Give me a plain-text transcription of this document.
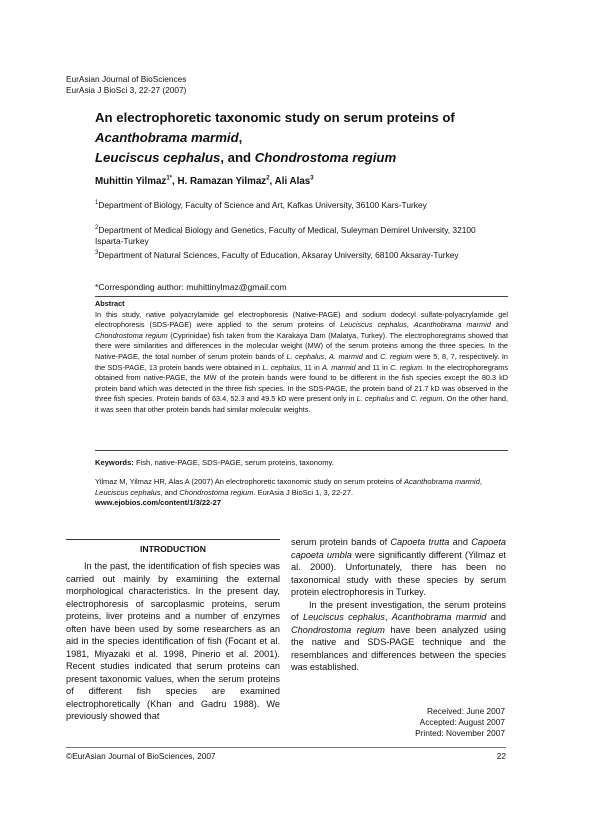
EurAsian Journal of BioSciences
EurAsia J BioSci 3, 22-27 (2007)
An electrophoretic taxonomic study on serum proteins of Acanthobrama marmid,
Leuciscus cephalus, and Chondrostoma regium
Muhittin Yilmaz$^{1*}$, H. Ramazan Yilmaz$^2$, Ali Alas$^3$
$^1$Department of Biology, Faculty of Science and Art, Kafkas University, 36100 Kars-Turkey
$^2$Department of Medical Biology and Genetics, Faculty of Medical, Suleyman Demirel University, 32100 Isparta-Turkey
$^3$Department of Natural Sciences, Faculty of Education, Aksaray University, 68100 Aksaray-Turkey
*Corresponding author: muhittinylmaz@gmail.com
Abstract
In this study, native polyacrylamide gel electrophoresis (Native-PAGE) and sodium dodecyl sulfate-polyacrylamide gel electrophoresis (SDS-PAGE) were applied to the serum proteins of Leuciscus cephalus, Acanthobrama marmid and Chondrostoma regium (Cyprinidae) fish taken from the Karakaya Dam (Malatya, Turkey). The electrophoregrams showed that there were similarities and differences in the molecular weight (MW) of the serum proteins among the three species. In the Native-PAGE, the total number of serum protein bands of L. cephalus, A. marmid and C. regium were 5, 8, 7, respectively. In the SDS-PAGE, 13 protein bands were obtained in L. cephalus, 11 in A. marmid and 11 in C. regium. In the electrophoregrams obtained from native-PAGE, the MW of the protein bands were found to be different in the fish species except the 80.3 kD protein band which was detected in the three fish species. In the SDS-PAGE, the protein band of 21.7 kD was observed in the three fish species. Protein bands of 63.4, 52.3 and 49.5 kD were present only in L. cephalus and C. regium. On the other hand, it was seen that other protein bands had similar molecular weights.
Keywords: Fish, native-PAGE, SDS-PAGE, serum proteins, taxonomy.
Yilmaz M, Yilmaz HR, Alas A (2007) An electrophoretic taxonomic study on serum proteins of Acanthobrama marmid, Leuciscus cephalus, and Chondrostoma regium. EurAsia J BioSci 1, 3, 22-27.
www.ejobios.com/content/1/3/22-27
INTRODUCTION
In the past, the identification of fish species was carried out mainly by examining the external morphological characteristics. In the present day, electrophoresis of sarcoplasmic proteins, serum proteins, liver proteins and a number of enzymes often have been used by some researchers as an aid in the species identification of fish (Focant et al. 1981, Miyazaki et al. 1998, Pinerio et al. 2001). Recent studies indicated that serum proteins can present taxonomic values, when the serum proteins of different fish species are examined electrophoretically (Khan and Gadru 1988). We previously showed that

serum protein bands of Capoeta trutta and Capoeta capoeta umbla were significantly different (Yilmaz et al. 2000). Unfortunately, there has been no taxonomical study with these species by serum protein electrophoresis in Turkey.

In the present investigation, the serum proteins of Leuciscus cephalus, Acanthobrama marmid and Chondrostoma regium have been analyzed using the native and SDS-PAGE technique and the resemblances and differences between the species was established.

Received: June 2007
Accepted: August 2007
Printed: November 2007
©EurAsian Journal of BioSciences, 2007	22
